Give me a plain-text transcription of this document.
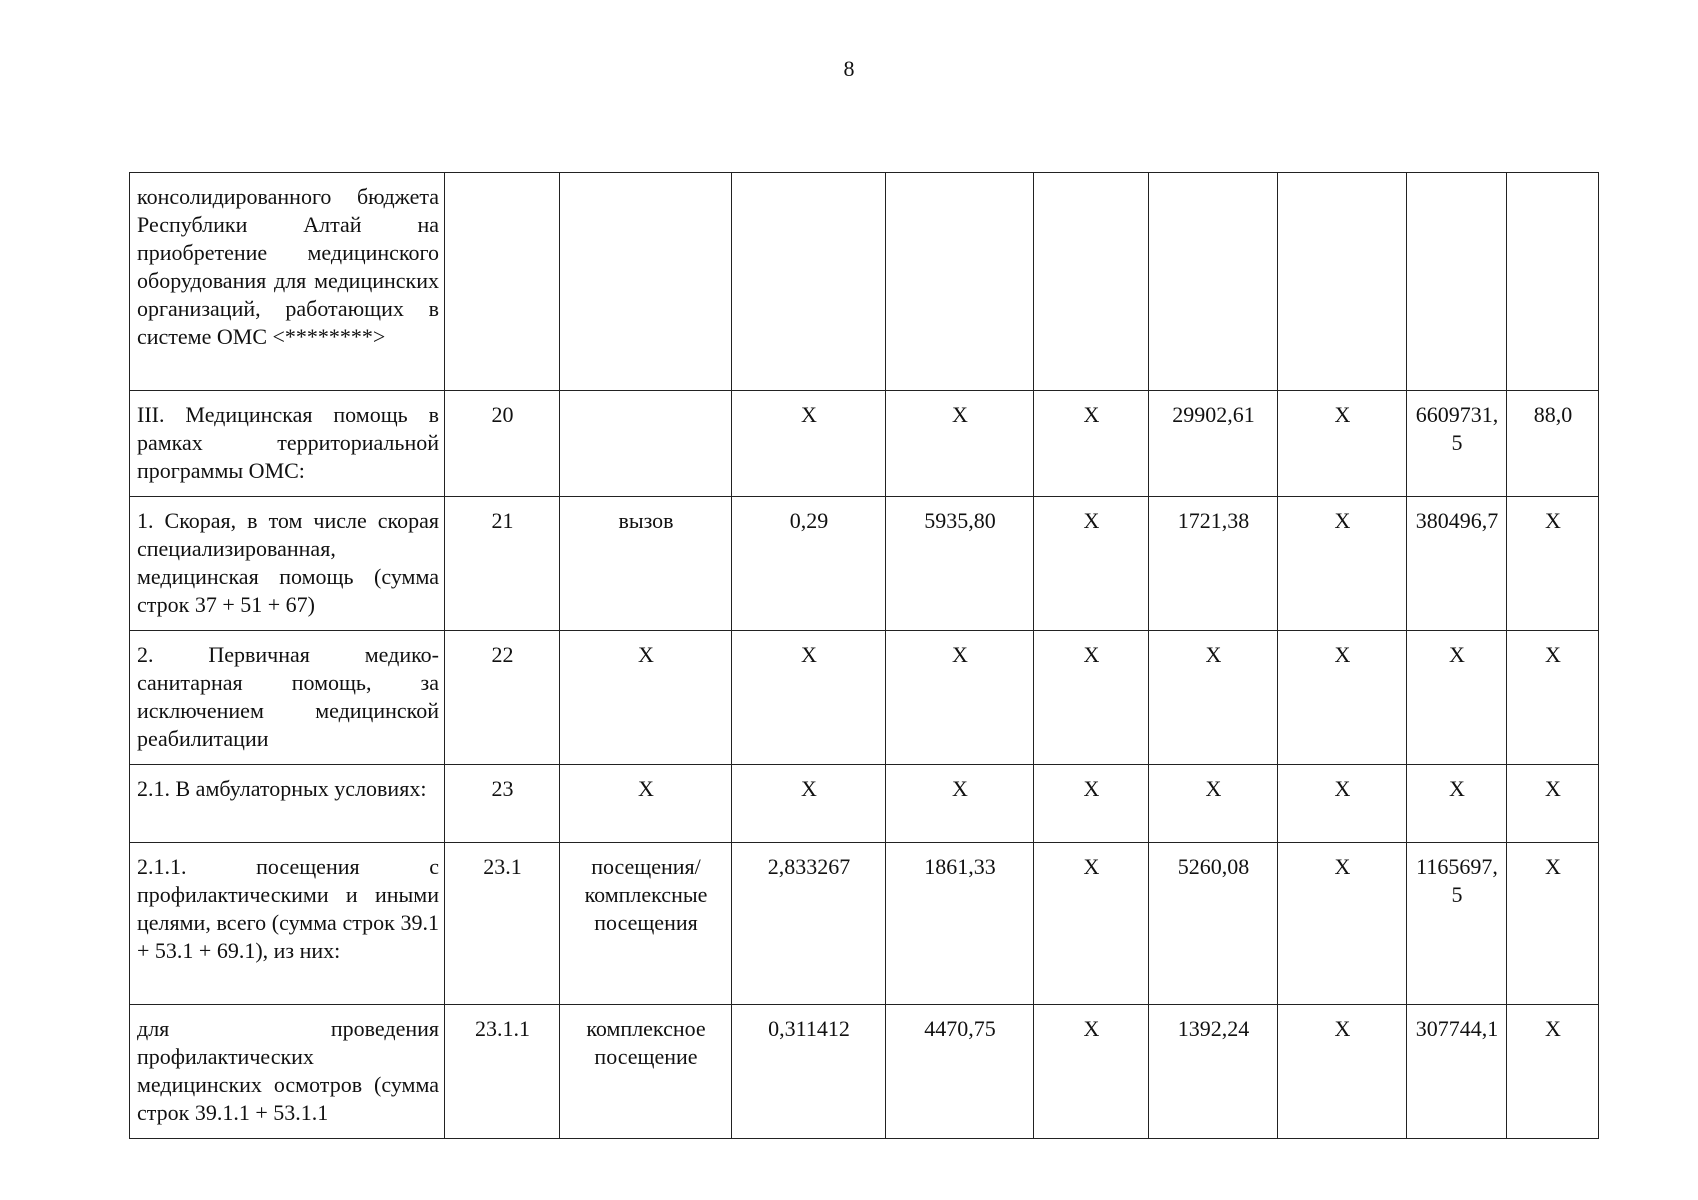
8
консолидированного бюджета Республики Алтай на приобретение медицинского оборудования для медицинских организаций, работающих в системе ОМС <********>									
III. Медицинская помощь в рамках территориальной программы ОМС:	20		X	X	X	29902,61	X	6609731,5	88,0
1. Скорая, в том числе скорая специализированная, медицинская помощь (сумма строк 37 + 51 + 67)	21	вызов	0,29	5935,80	X	1721,38	X	380496,7	X
2. Первичная медико-санитарная помощь, за исключением медицинской реабилитации	22	X	X	X	X	X	X	X	X
2.1. В амбулаторных условиях:	23	X	X	X	X	X	X	X	X
2.1.1. посещения с профилактическими и иными целями, всего (сумма строк 39.1 + 53.1 + 69.1), из них:	23.1	посещения/ комплексные посещения	2,833267	1861,33	X	5260,08	X	1165697,5	X
для проведения профилактических медицинских осмотров (сумма строк 39.1.1 + 53.1.1	23.1.1	комплексное посещение	0,311412	4470,75	X	1392,24	X	307744,1	X
